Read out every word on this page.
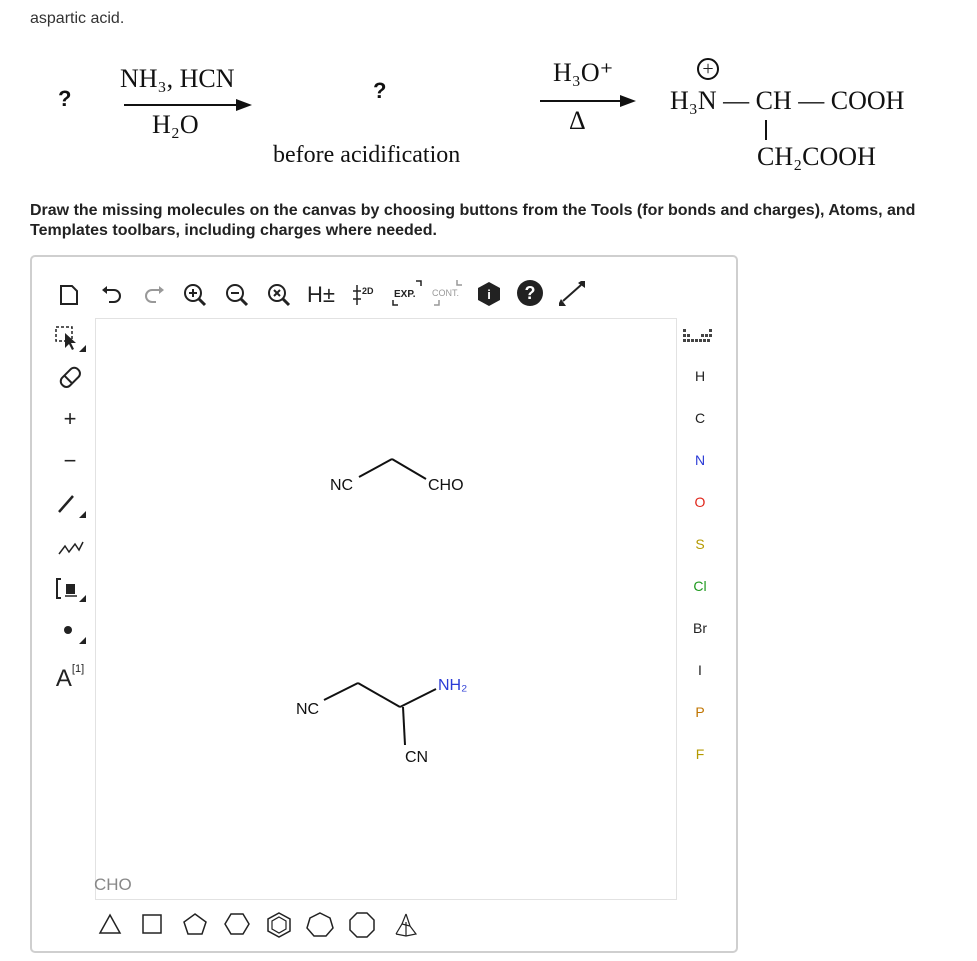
aspartic acid.
?
NH₃, HCN
H₂O
?
before acidification
H₃O⁺
Δ
+
H₃N — CH — COOH
CH₂COOH
Draw the missing molecules on the canvas by choosing buttons from the Tools (for bonds and charges), Atoms, and Templates toolbars, including charges where needed.
H±	2D EXP. CONT. i ?
+
−
A [1]
NC	CHO
NC
NH₂
CN
CHO
H
C
N
O
S
Cl
Br
I
P
F
